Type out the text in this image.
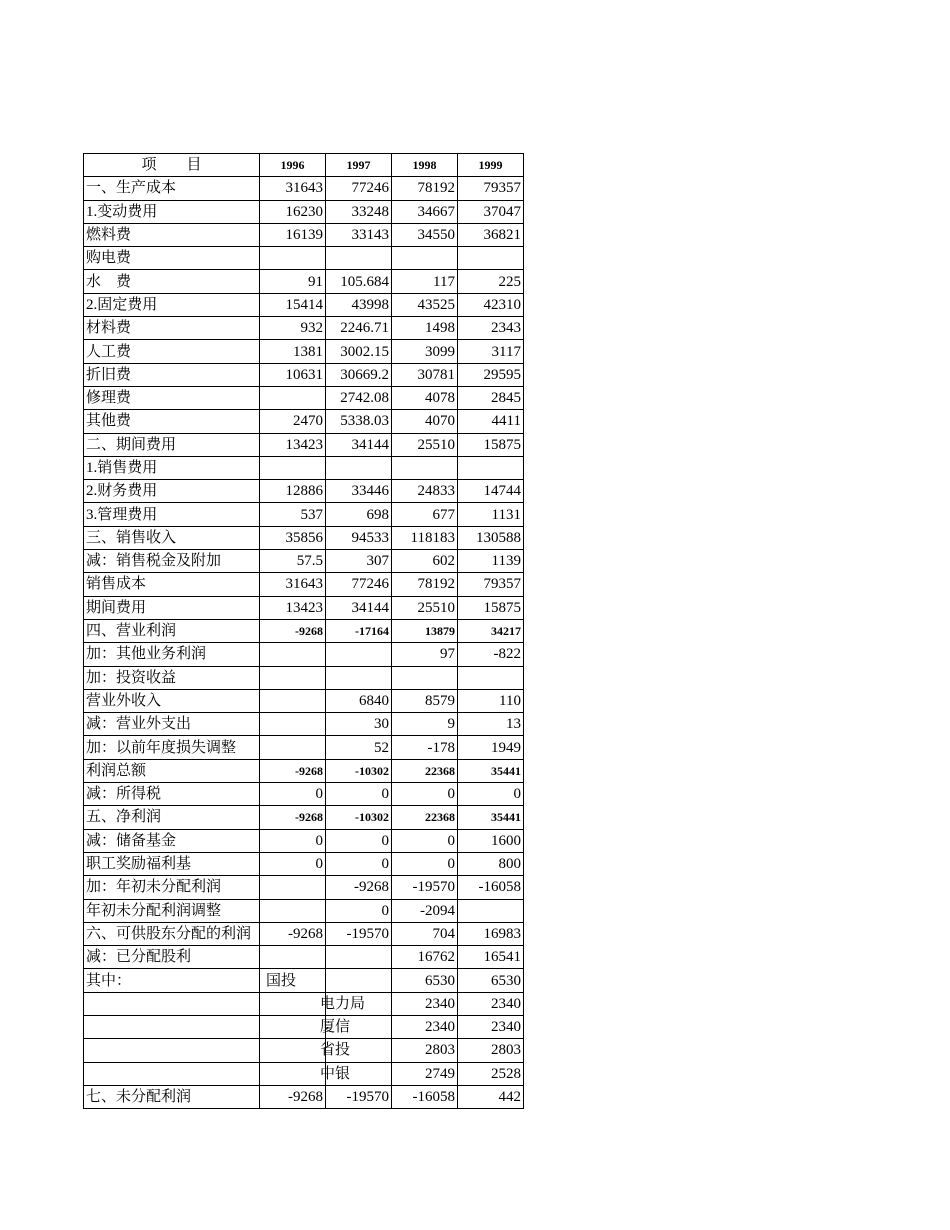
项　　目	1996	1997	1998	1999
一、生产成本	31643	77246	78192	79357
1.变动费用	16230	33248	34667	37047
燃料费	16139	33143	34550	36821
购电费				
水　费	91	105.684	117	225
2.固定费用	15414	43998	43525	42310
材料费	932	2246.71	1498	2343
人工费	1381	3002.15	3099	3117
折旧费	10631	30669.2	30781	29595
修理费		2742.08	4078	2845
其他费	2470	5338.03	4070	4411
二、期间费用	13423	34144	25510	15875
1.销售费用				
2.财务费用	12886	33446	24833	14744
3.管理费用	537	698	677	1131
三、销售收入	35856	94533	118183	130588
减：销售税金及附加	57.5	307	602	1139
销售成本	31643	77246	78192	79357
期间费用	13423	34144	25510	15875
四、营业利润	-9268	-17164	13879	34217
加：其他业务利润			97	-822
加：投资收益				
营业外收入		6840	8579	110
减：营业外支出		30	9	13
加：以前年度损失调整		52	-178	1949
利润总额	-9268	-10302	22368	35441
减：所得税	0	0	0	0
五、净利润	-9268	-10302	22368	35441
减：储备基金	0	0	0	1600
职工奖励福利基	0	0	0	800
加：年初未分配利润		-9268	-19570	-16058
年初未分配利润调整		0	-2094	
六、可供股东分配的利润	-9268	-19570	704	16983
减：已分配股利			16762	16541
其中：	国投		6530	6530

	电力局		2340	2340

	厦信		2340	2340

	省投		2803	2803

	中银		2749	2528
七、未分配利润	-9268	-19570	-16058	442
